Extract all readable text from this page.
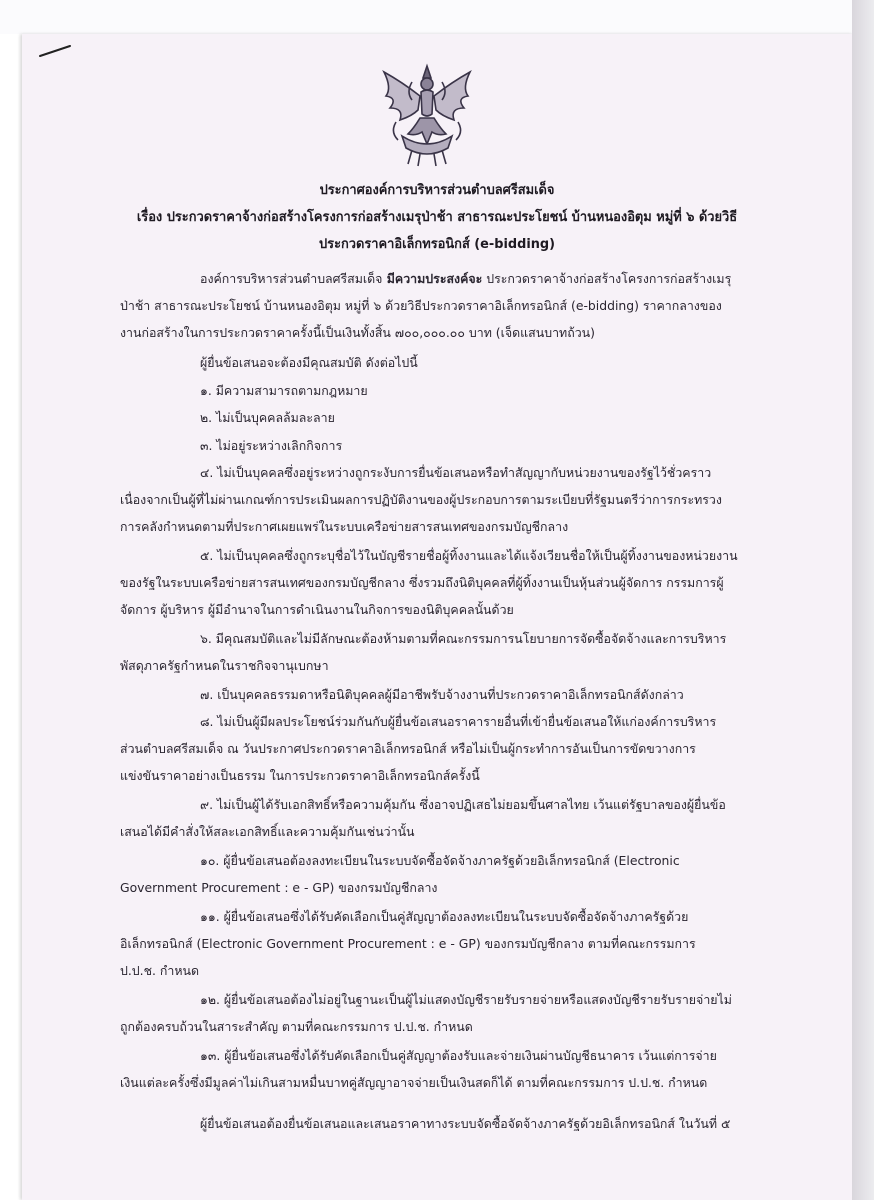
ประกาศองค์การบริหารส่วนตำบลศรีสมเด็จ
เรื่อง ประกวดราคาจ้างก่อสร้างโครงการก่อสร้างเมรุป่าช้า สาธารณะประโยชน์ บ้านหนองอิตุม หมู่ที่ ๖ ด้วยวิธี
ประกวดราคาอิเล็กทรอนิกส์ (e-bidding)
องค์การบริหารส่วนตำบลศรีสมเด็จ มีความประสงค์จะ ประกวดราคาจ้างก่อสร้างโครงการก่อสร้างเมรุ
ป่าช้า สาธารณะประโยชน์ บ้านหนองอิตุม หมู่ที่ ๖ ด้วยวิธีประกวดราคาอิเล็กทรอนิกส์ (e-bidding) ราคากลางของ
งานก่อสร้างในการประกวดราคาครั้งนี้เป็นเงินทั้งสิ้น ๗๐๐,๐๐๐.๐๐ บาท (เจ็ดแสนบาทถ้วน)
ผู้ยื่นข้อเสนอจะต้องมีคุณสมบัติ ดังต่อไปนี้
๑. มีความสามารถตามกฎหมาย
๒. ไม่เป็นบุคคลล้มละลาย
๓. ไม่อยู่ระหว่างเลิกกิจการ
๔. ไม่เป็นบุคคลซึ่งอยู่ระหว่างถูกระงับการยื่นข้อเสนอหรือทำสัญญากับหน่วยงานของรัฐไว้ชั่วคราว
เนื่องจากเป็นผู้ที่ไม่ผ่านเกณฑ์การประเมินผลการปฏิบัติงานของผู้ประกอบการตามระเบียบที่รัฐมนตรีว่าการกระทรวง
การคลังกำหนดตามที่ประกาศเผยแพร่ในระบบเครือข่ายสารสนเทศของกรมบัญชีกลาง
๕. ไม่เป็นบุคคลซึ่งถูกระบุชื่อไว้ในบัญชีรายชื่อผู้ทิ้งงานและได้แจ้งเวียนชื่อให้เป็นผู้ทิ้งงานของหน่วยงาน
ของรัฐในระบบเครือข่ายสารสนเทศของกรมบัญชีกลาง ซึ่งรวมถึงนิติบุคคลที่ผู้ทิ้งงานเป็นหุ้นส่วนผู้จัดการ กรรมการผู้
จัดการ ผู้บริหาร ผู้มีอำนาจในการดำเนินงานในกิจการของนิติบุคคลนั้นด้วย
๖. มีคุณสมบัติและไม่มีลักษณะต้องห้ามตามที่คณะกรรมการนโยบายการจัดซื้อจัดจ้างและการบริหาร
พัสดุภาครัฐกำหนดในราชกิจจานุเบกษา
๗. เป็นบุคคลธรรมดาหรือนิติบุคคลผู้มีอาชีพรับจ้างงานที่ประกวดราคาอิเล็กทรอนิกส์ดังกล่าว
๘. ไม่เป็นผู้มีผลประโยชน์ร่วมกันกับผู้ยื่นข้อเสนอราคารายอื่นที่เข้ายื่นข้อเสนอให้แก่องค์การบริหาร
ส่วนตำบลศรีสมเด็จ ณ วันประกาศประกวดราคาอิเล็กทรอนิกส์ หรือไม่เป็นผู้กระทำการอันเป็นการขัดขวางการ
แข่งขันราคาอย่างเป็นธรรม ในการประกวดราคาอิเล็กทรอนิกส์ครั้งนี้
๙. ไม่เป็นผู้ได้รับเอกสิทธิ์หรือความคุ้มกัน ซึ่งอาจปฏิเสธไม่ยอมขึ้นศาลไทย เว้นแต่รัฐบาลของผู้ยื่นข้อ
เสนอได้มีคำสั่งให้สละเอกสิทธิ์และความคุ้มกันเช่นว่านั้น
๑๐. ผู้ยื่นข้อเสนอต้องลงทะเบียนในระบบจัดซื้อจัดจ้างภาครัฐด้วยอิเล็กทรอนิกส์ (Electronic
Government Procurement : e - GP) ของกรมบัญชีกลาง
๑๑. ผู้ยื่นข้อเสนอซึ่งได้รับคัดเลือกเป็นคู่สัญญาต้องลงทะเบียนในระบบจัดซื้อจัดจ้างภาครัฐด้วย
อิเล็กทรอนิกส์ (Electronic Government Procurement : e - GP) ของกรมบัญชีกลาง ตามที่คณะกรรมการ
ป.ป.ช. กำหนด
๑๒. ผู้ยื่นข้อเสนอต้องไม่อยู่ในฐานะเป็นผู้ไม่แสดงบัญชีรายรับรายจ่ายหรือแสดงบัญชีรายรับรายจ่ายไม่
ถูกต้องครบถ้วนในสาระสำคัญ ตามที่คณะกรรมการ ป.ป.ช. กำหนด
๑๓. ผู้ยื่นข้อเสนอซึ่งได้รับคัดเลือกเป็นคู่สัญญาต้องรับและจ่ายเงินผ่านบัญชีธนาคาร เว้นแต่การจ่าย
เงินแต่ละครั้งซึ่งมีมูลค่าไม่เกินสามหมื่นบาทคู่สัญญาอาจจ่ายเป็นเงินสดก็ได้ ตามที่คณะกรรมการ ป.ป.ช. กำหนด
ผู้ยื่นข้อเสนอต้องยื่นข้อเสนอและเสนอราคาทางระบบจัดซื้อจัดจ้างภาครัฐด้วยอิเล็กทรอนิกส์ ในวันที่ ๕
